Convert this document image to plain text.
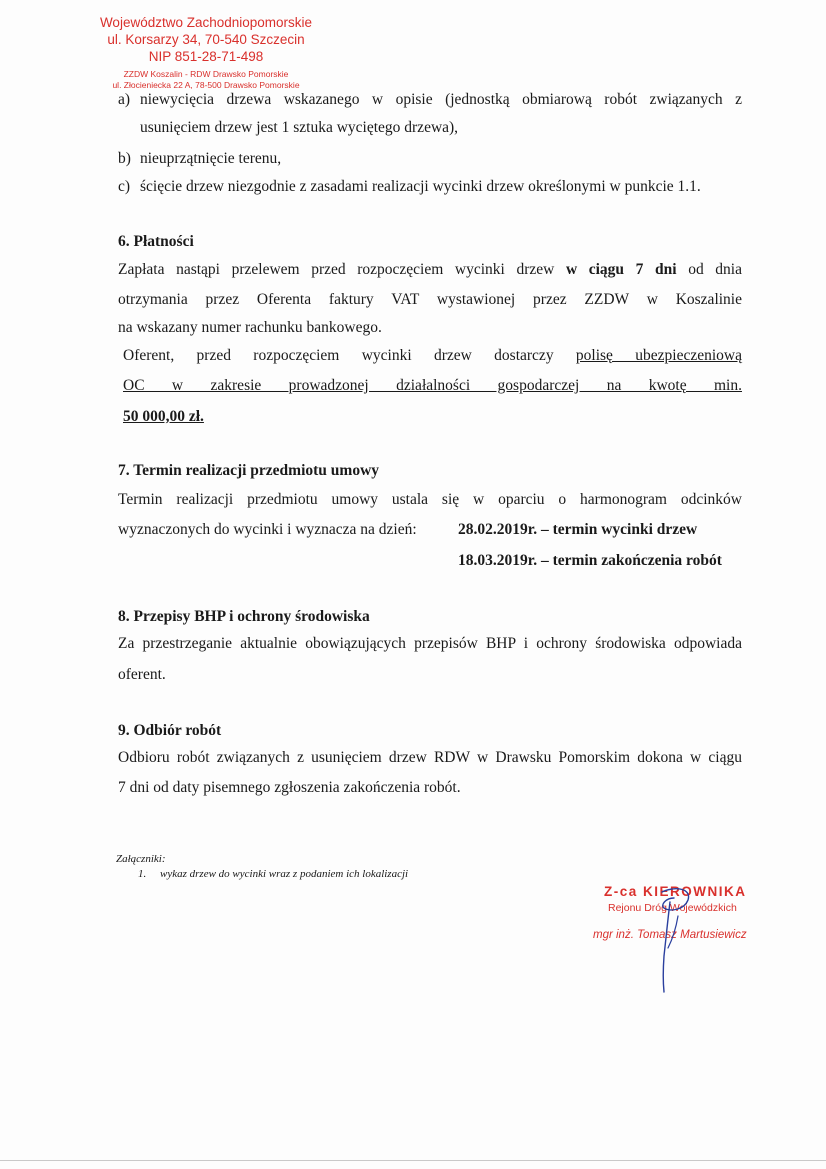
Województwo Zachodniopomorskie
ul. Korsarzy 34, 70-540 Szczecin
NIP 851-28-71-498
ZZDW Koszalin - RDW Drawsko Pomorskie
ul. Złocieniecka 22 A, 78-500 Drawsko Pomorskie
a) niewycięcia drzewa wskazanego w opisie (jednostką obmiarową robót związanych z
usunięciem drzew jest 1 sztuka wyciętego drzewa),
b) nieuprzątnięcie terenu,
c) ścięcie drzew niezgodnie z zasadami realizacji wycinki drzew określonymi w punkcie 1.1.
6. Płatności
Zapłata nastąpi przelewem przed rozpoczęciem wycinki drzew w ciągu 7 dni od dnia
otrzymania przez Oferenta faktury VAT wystawionej przez ZZDW w Koszalinie
na wskazany numer rachunku bankowego.
Oferent, przed rozpoczęciem wycinki drzew dostarczy polisę ubezpieczeniową
OC w zakresie prowadzonej działalności gospodarczej na kwotę min.
50 000,00 zł.
7. Termin realizacji przedmiotu umowy
Termin realizacji przedmiotu umowy ustala się w oparciu o harmonogram odcinków
wyznaczonych do wycinki i wyznacza na dzień:	28.02.2019r. – termin wycinki drzew
18.03.2019r. – termin zakończenia robót
8. Przepisy BHP i ochrony środowiska
Za przestrzeganie aktualnie obowiązujących przepisów BHP i ochrony środowiska odpowiada
oferent.
9. Odbiór robót
Odbioru robót związanych z usunięciem drzew RDW w Drawsku Pomorskim dokona w ciągu
7 dni od daty pisemnego zgłoszenia zakończenia robót.
Załączniki:
1. wykaz drzew do wycinki wraz z podaniem ich lokalizacji
Z-ca KIEROWNIKA
Rejonu Dróg Wojewódzkich
mgr inż. Tomasz Martusiewicz
